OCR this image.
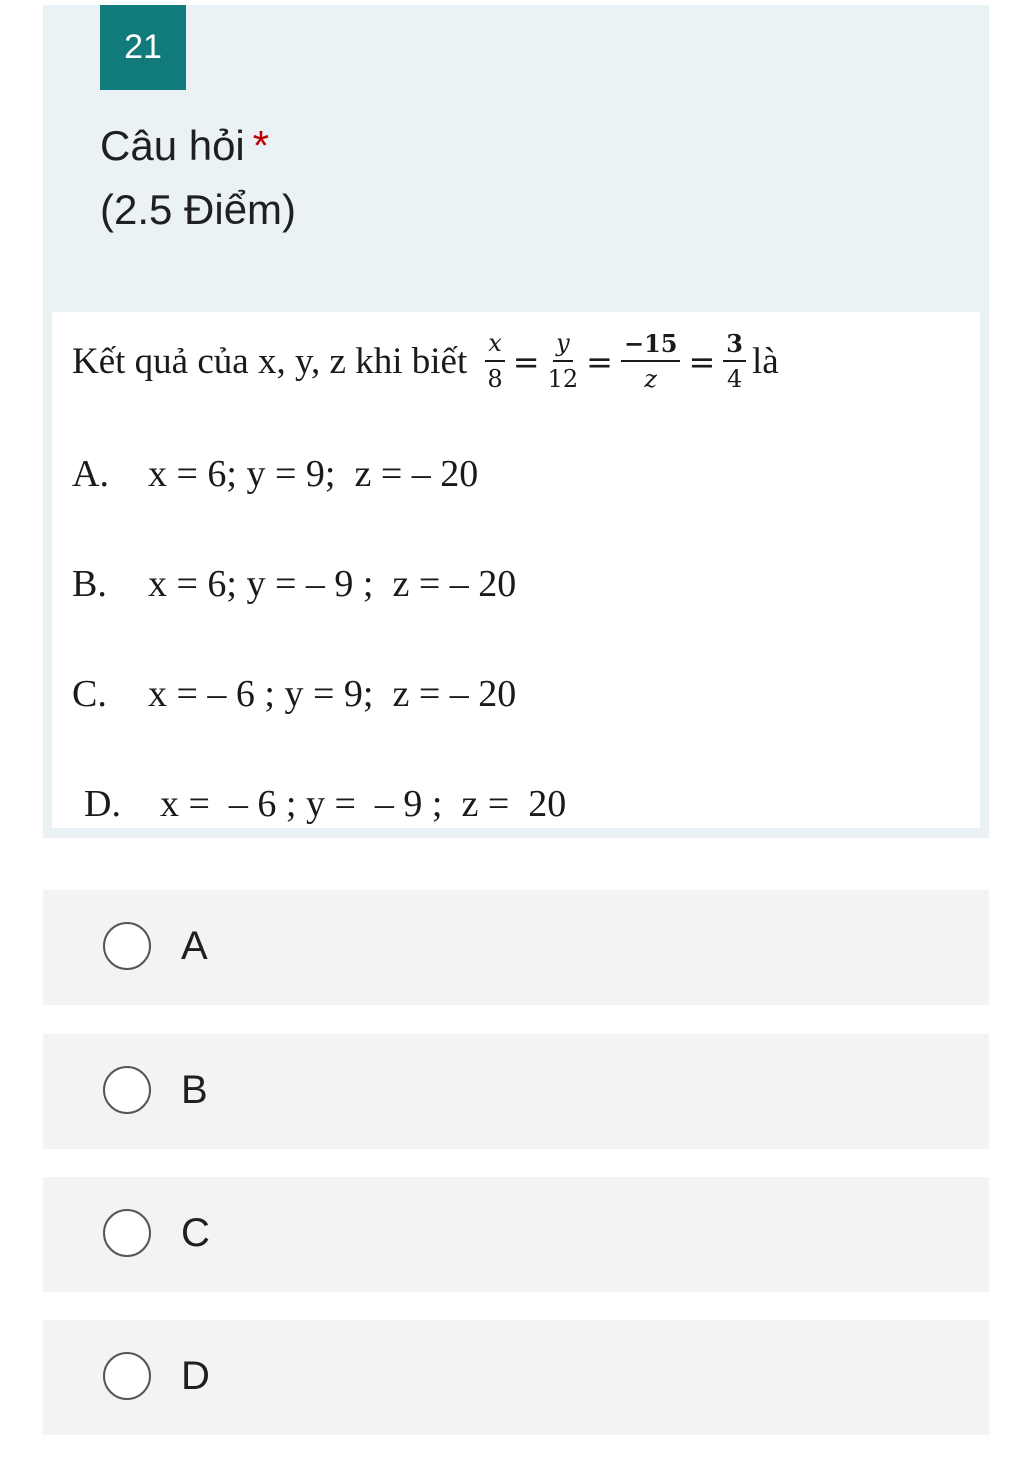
21
Câu hỏi *
(2.5 Điểm)
Kết quả của x, y, z khi biết $\frac{x}{8} = \frac{y}{12} = \frac{-15}{z} = \frac{3}{4}$ là
A. x = 6; y = 9;  z = – 20
B. x = 6; y = – 9 ;  z = – 20
C. x = – 6 ; y = 9;  z = – 20
D. x =  – 6 ; y =  – 9 ;  z =  20
A
B
C
D
